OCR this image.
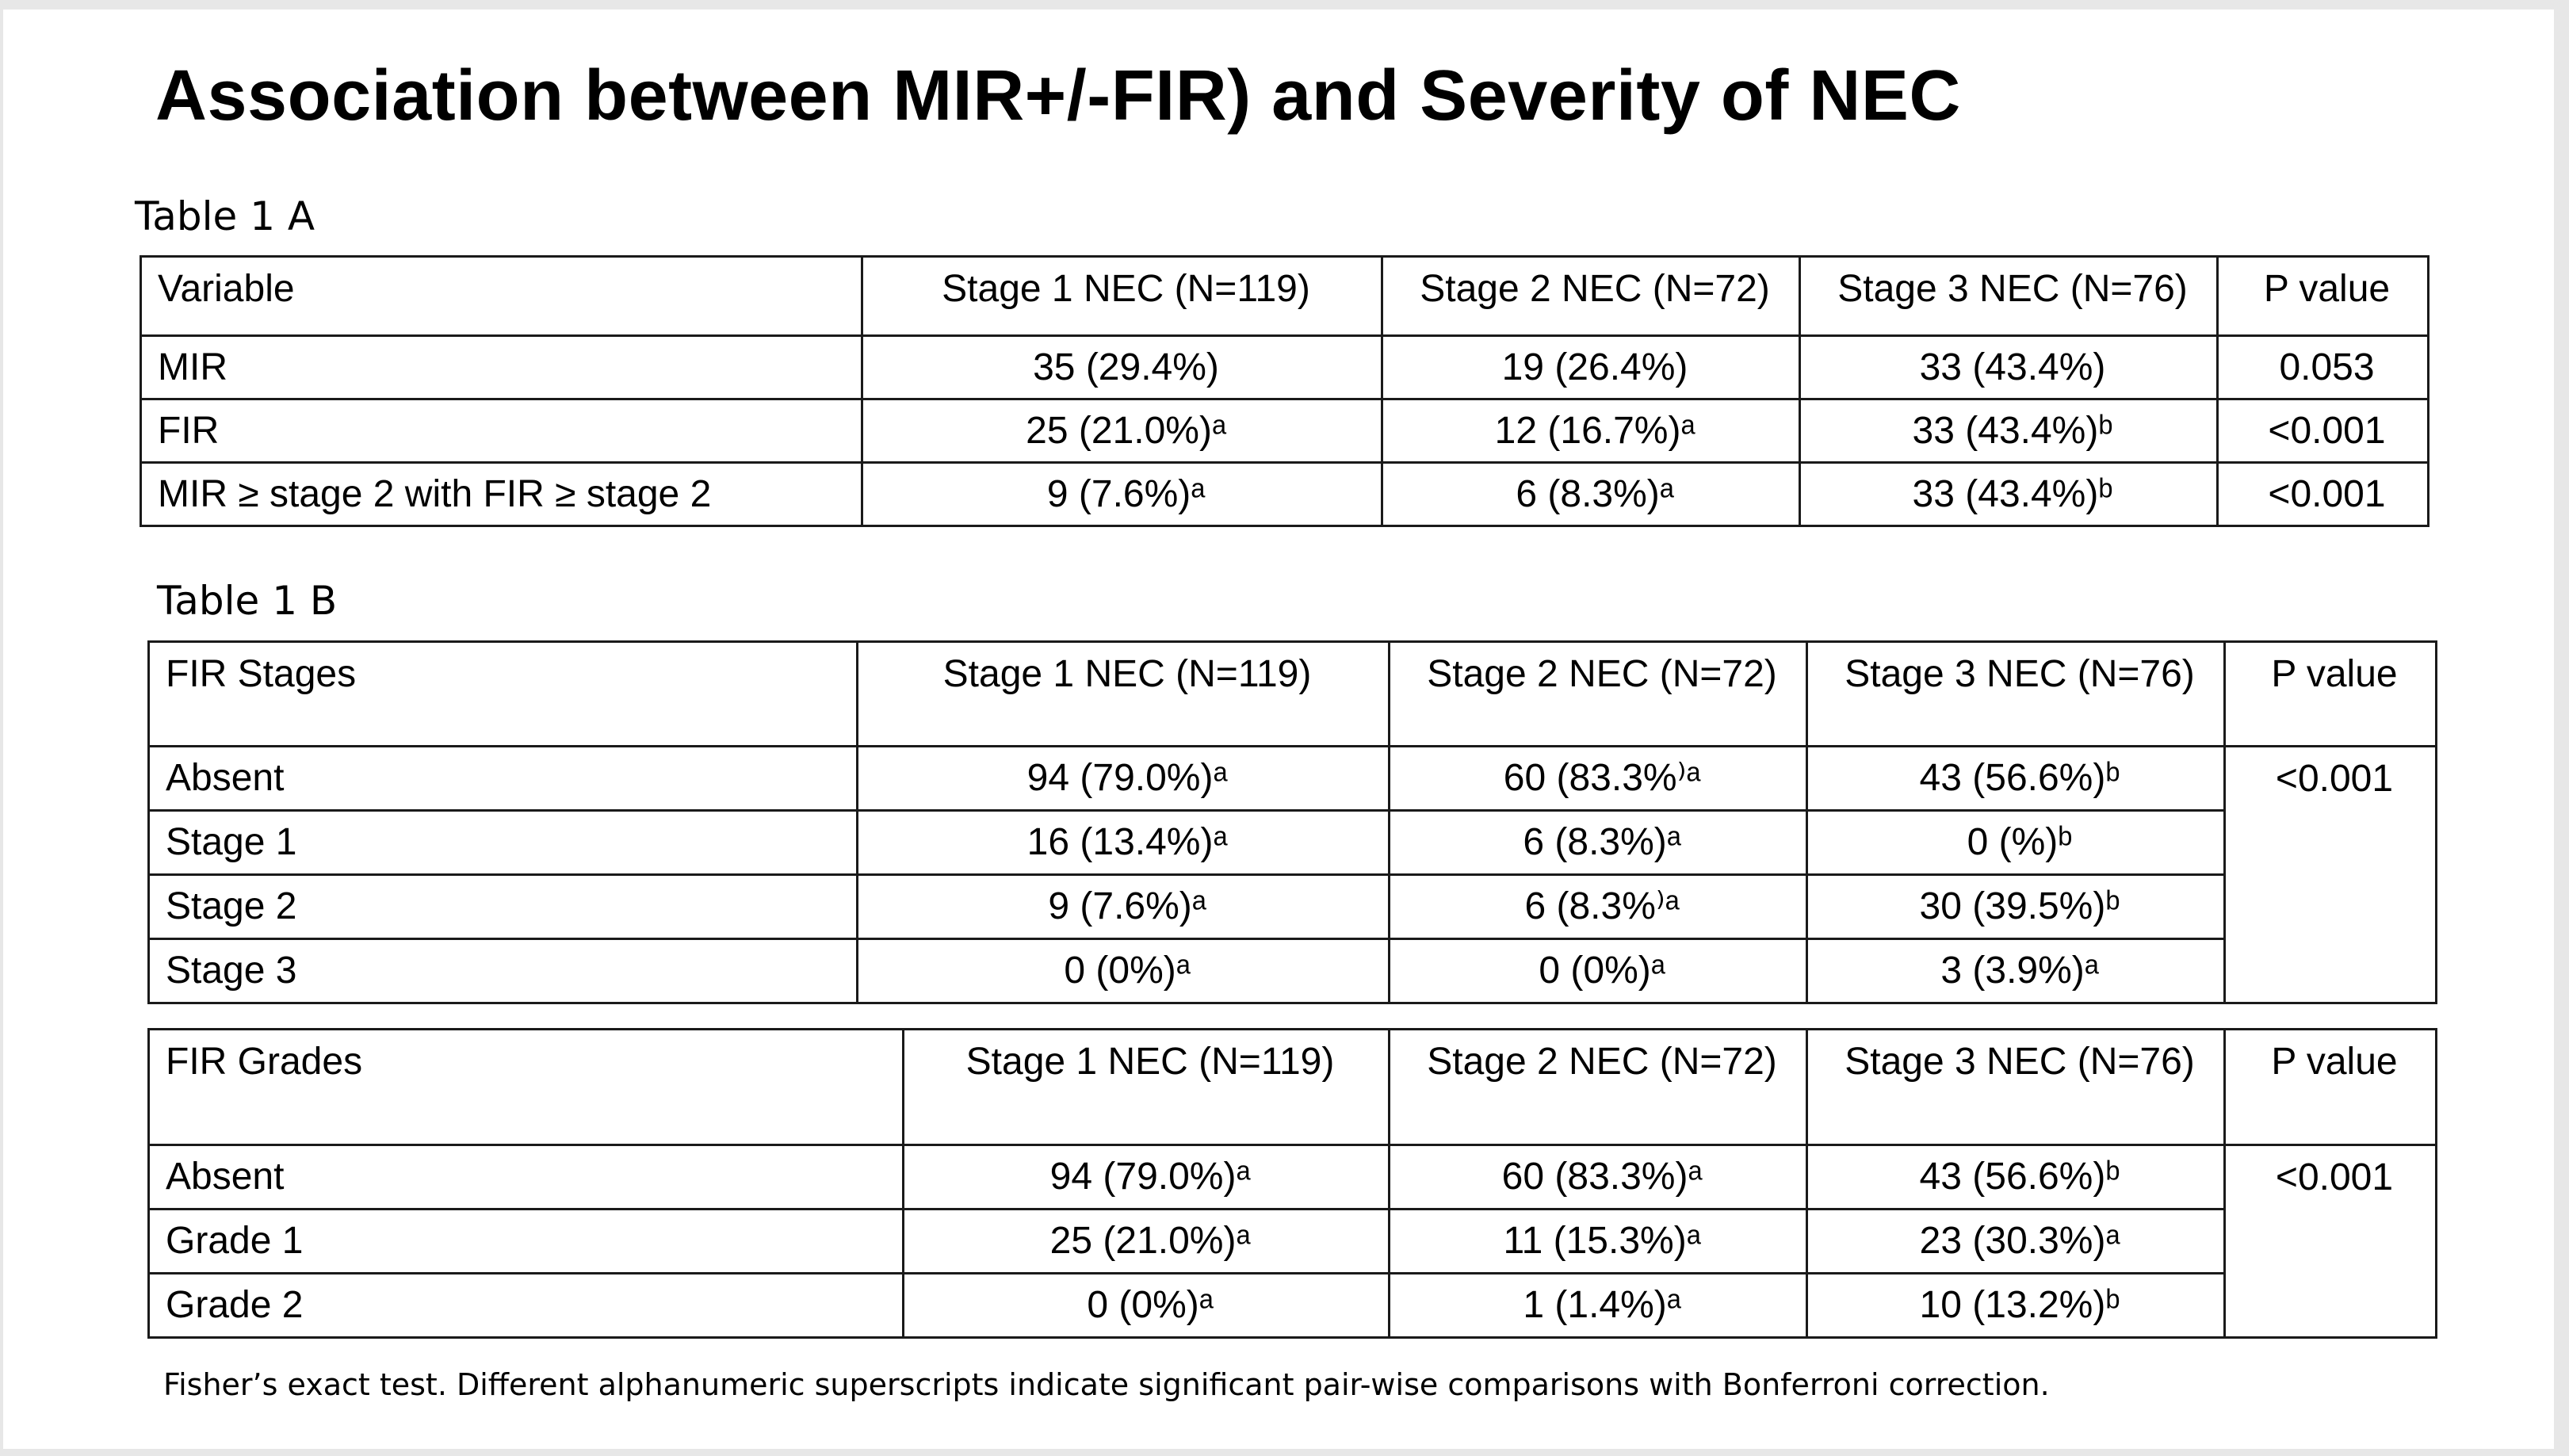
Association between MIR+/-FIR) and Severity of NEC

Table 1 A

Variable	Stage 1 NEC (N=119)	Stage 2 NEC (N=72)	Stage 3 NEC (N=76)	P value
MIR	35 (29.4%)	19 (26.4%)	33 (43.4%)	0.053
FIR	25 (21.0%)ᵃ	12 (16.7%)ᵃ	33 (43.4%)ᵇ	<0.001
MIR ≥ stage 2 with FIR ≥ stage 2	9 (7.6%)ᵃ	6 (8.3%)ᵃ	33 (43.4%)ᵇ	<0.001

Table 1 B

FIR Stages	Stage 1 NEC (N=119)	Stage 2 NEC (N=72)	Stage 3 NEC (N=76)	P value
Absent	94 (79.0%)ᵃ	60 (83.3%⁾ᵃ	43 (56.6%)ᵇ	<0.001
Stage 1	16 (13.4%)ᵃ	6 (8.3%)ᵃ	0 (%)ᵇ	
Stage 2	9 (7.6%)ᵃ	6 (8.3%⁾ᵃ	30 (39.5%)ᵇ	
Stage 3	0 (0%)ᵃ	0 (0%)ᵃ	3 (3.9%)ᵃ	
FIR Grades	Stage 1 NEC (N=119)	Stage 2 NEC (N=72)	Stage 3 NEC (N=76)	P value
Absent	94 (79.0%)ᵃ	60 (83.3%)ᵃ	43 (56.6%)ᵇ	<0.001
Grade 1	25 (21.0%)ᵃ	11 (15.3%)ᵃ	23 (30.3%)ᵃ	
Grade 2	0 (0%)ᵃ	1 (1.4%)ᵃ	10 (13.2%)ᵇ	

Fisher’s exact test. Different alphanumeric superscripts indicate significant pair-wise comparisons with Bonferroni correction.
